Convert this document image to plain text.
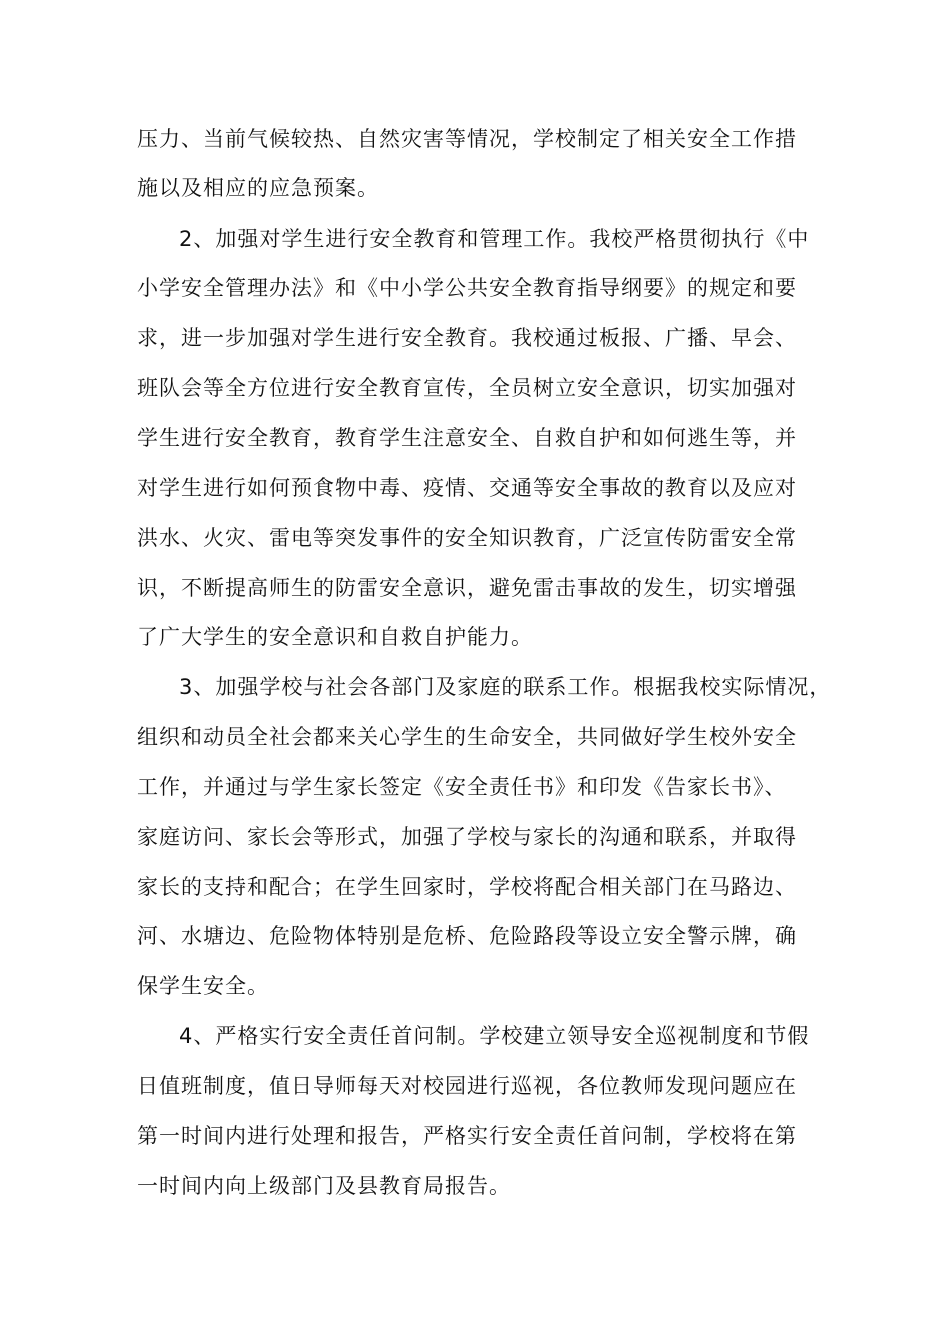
压力、当前气候较热、自然灾害等情况，学校制定了相关安全工作措
施以及相应的应急预案。
2、加强对学生进行安全教育和管理工作。我校严格贯彻执行《中
小学安全管理办法》和《中小学公共安全教育指导纲要》的规定和要
求，进一步加强对学生进行安全教育。我校通过板报、广播、早会、
班队会等全方位进行安全教育宣传，全员树立安全意识，切实加强对
学生进行安全教育，教育学生注意安全、自救自护和如何逃生等，并
对学生进行如何预食物中毒、疫情、交通等安全事故的教育以及应对
洪水、火灾、雷电等突发事件的安全知识教育，广泛宣传防雷安全常
识，不断提高师生的防雷安全意识，避免雷击事故的发生，切实增强
了广大学生的安全意识和自救自护能力。
3、加强学校与社会各部门及家庭的联系工作。根据我校实际情况，
组织和动员全社会都来关心学生的生命安全，共同做好学生校外安全
工作，并通过与学生家长签定《安全责任书》和印发《告家长书》、
家庭访问、家长会等形式，加强了学校与家长的沟通和联系，并取得
家长的支持和配合；在学生回家时，学校将配合相关部门在马路边、
河、水塘边、危险物体特别是危桥、危险路段等设立安全警示牌，确
保学生安全。
4、严格实行安全责任首问制。学校建立领导安全巡视制度和节假
日值班制度，值日导师每天对校园进行巡视，各位教师发现问题应在
第一时间内进行处理和报告，严格实行安全责任首问制，学校将在第
一时间内向上级部门及县教育局报告。
